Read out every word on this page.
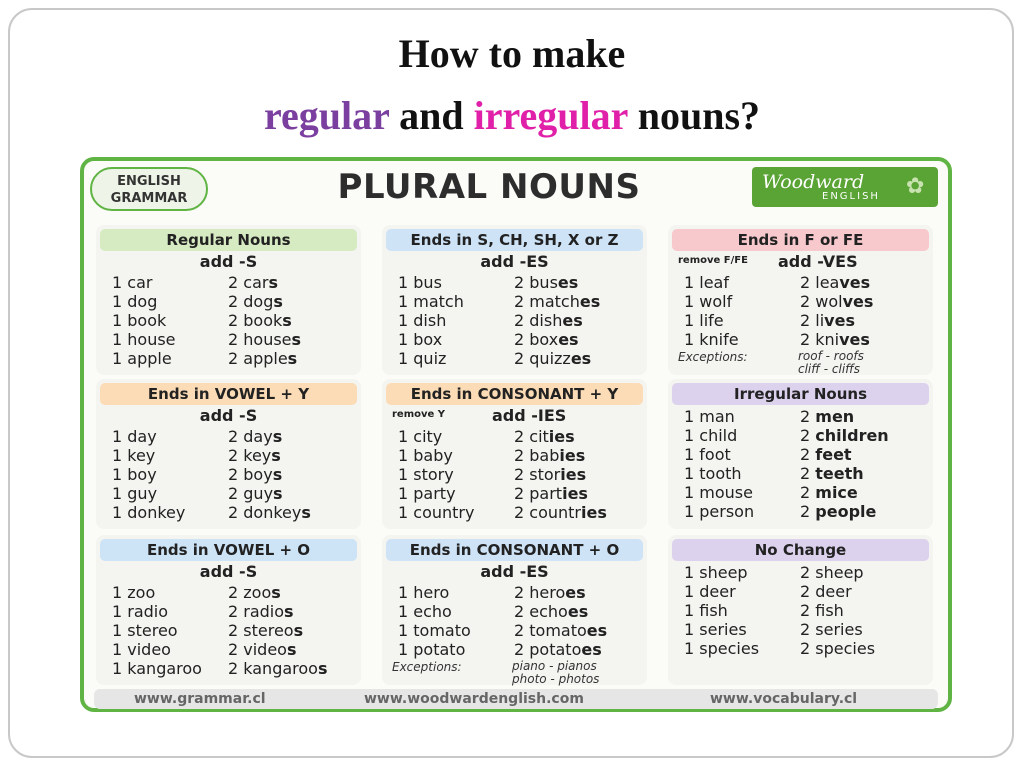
How to make
regular and irregular nouns?
ENGLISH
GRAMMAR	PLURAL NOUNS	Woodward
ENGLISH ✿
Regular Nouns
add -S
1 car	2 cars
1 dog	2 dogs
1 book	2 books
1 house	2 houses
1 apple	2 apples
Ends in S, CH, SH, X or Z
add -ES
1 bus	2 buses
1 match	2 matches
1 dish	2 dishes
1 box	2 boxes
1 quiz	2 quizzes
Ends in F or FE
remove F/FE add -VES
1 leaf	2 leaves
1 wolf	2 wolves
1 life	2 lives
1 knife	2 knives
Exceptions:	roof - roofs
cliff - cliffs
Ends in VOWEL + Y
add -S
1 day	2 days
1 key	2 keys
1 boy	2 boys
1 guy	2 guys
1 donkey	2 donkeys
Ends in CONSONANT + Y
remove Y	add -IES
1 city	2 cities
1 baby	2 babies
1 story	2 stories
1 party	2 parties
1 country 2 countries
Irregular Nouns
1 man	2 men
1 child	2 children
1 foot	2 feet
1 tooth	2 teeth
1 mouse	2 mice
1 person	2 people
Ends in VOWEL + O
add -S
1 zoo	2 zoos
1 radio	2 radios
1 stereo	2 stereos
1 video	2 videos
1 kangaroo 2 kangaroos
Ends in CONSONANT + O
add -ES
1 hero	2 heroes
1 echo	2 echoes
1 tomato	2 tomatoes
1 potato	2 potatoes
Exceptions:	piano - pianos
photo - photos
No Change
1 sheep	2 sheep
1 deer	2 deer
1 fish	2 fish
1 series	2 series
1 species	2 species
www.grammar.cl	www.woodwardenglish.com	www.vocabulary.cl
